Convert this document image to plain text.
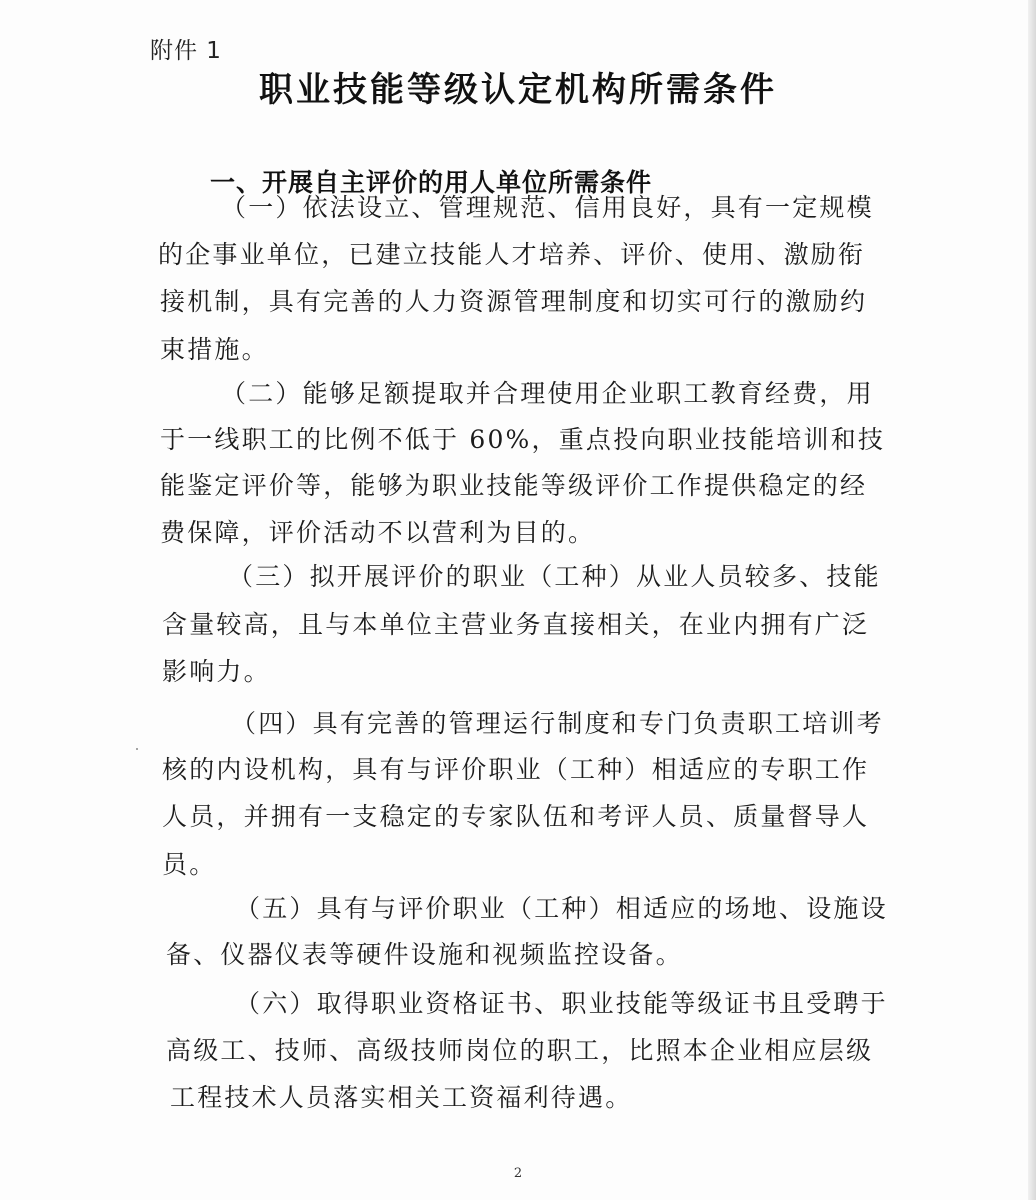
附件 1
职业技能等级认定机构所需条件
一、开展自主评价的用人单位所需条件
（一）依法设立、管理规范、信用良好，具有一定规模
的企事业单位，已建立技能人才培养、评价、使用、激励衔
接机制，具有完善的人力资源管理制度和切实可行的激励约
束措施。
（二）能够足额提取并合理使用企业职工教育经费，用
于一线职工的比例不低于 60%，重点投向职业技能培训和技
能鉴定评价等，能够为职业技能等级评价工作提供稳定的经
费保障，评价活动不以营利为目的。
（三）拟开展评价的职业（工种）从业人员较多、技能
含量较高，且与本单位主营业务直接相关，在业内拥有广泛
影响力。
（四）具有完善的管理运行制度和专门负责职工培训考
核的内设机构，具有与评价职业（工种）相适应的专职工作
人员，并拥有一支稳定的专家队伍和考评人员、质量督导人
员。
（五）具有与评价职业（工种）相适应的场地、设施设
备、仪器仪表等硬件设施和视频监控设备。
（六）取得职业资格证书、职业技能等级证书且受聘于
高级工、技师、高级技师岗位的职工，比照本企业相应层级
工程技术人员落实相关工资福利待遇。
2
